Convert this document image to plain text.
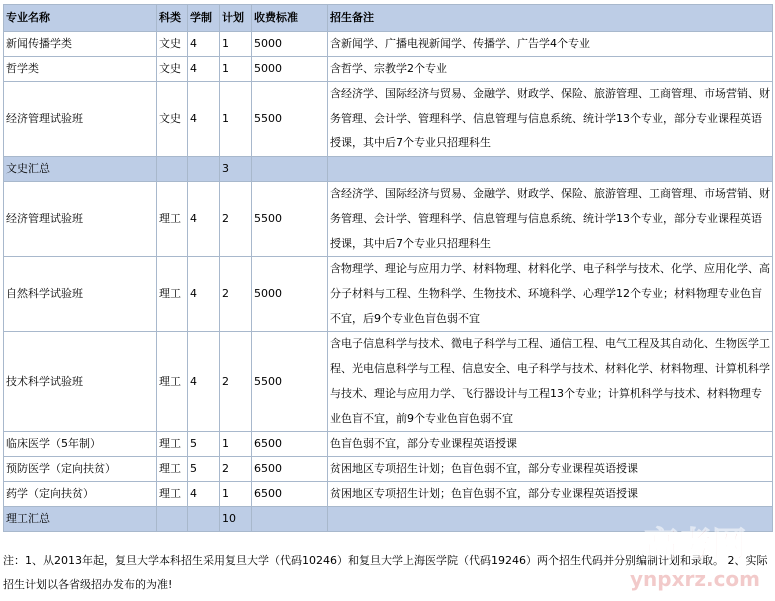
专业名称	科类	学制	计划	收费标准	招生备注
新闻传播学类	文史	4	1	5000	含新闻学、广播电视新闻学、传播学、广告学4个专业
哲学类	文史	4	1	5000	含哲学、宗教学2个专业
经济管理试验班	文史	4	1	5500	含经济学、国际经济与贸易、金融学、财政学、保险、旅游管理、工商管理、市场营销、财务管理、会计学、管理科学、信息管理与信息系统、统计学13个专业，部分专业课程英语授课，其中后7个专业只招理科生
文史汇总			3		
经济管理试验班	理工	4	2	5500	含经济学、国际经济与贸易、金融学、财政学、保险、旅游管理、工商管理、市场营销、财务管理、会计学、管理科学、信息管理与信息系统、统计学13个专业，部分专业课程英语授课，其中后7个专业只招理科生
自然科学试验班	理工	4	2	5000	含物理学、理论与应用力学、材料物理、材料化学、电子科学与技术、化学、应用化学、高分子材料与工程、生物科学、生物技术、环境科学、心理学12个专业；材料物理专业色盲不宜，后9个专业色盲色弱不宜
技术科学试验班	理工	4	2	5500	含电子信息科学与技术、微电子科学与工程、通信工程、电气工程及其自动化、生物医学工程、光电信息科学与工程、信息安全、电子科学与技术、材料化学、材料物理、计算机科学与技术、理论与应用力学、飞行器设计与工程13个专业；计算机科学与技术、材料物理专业色盲不宜，前9个专业色盲色弱不宜
临床医学（5年制）	理工	5	1	6500	色盲色弱不宜，部分专业课程英语授课
预防医学（定向扶贫）	理工	5	2	6500	贫困地区专项招生计划；色盲色弱不宜，部分专业课程英语授课
药学（定向扶贫）	理工	4	1	6500	贫困地区专项招生计划；色盲色弱不宜，部分专业课程英语授课
理工汇总			10		
注：1、从2013年起，复旦大学本科招生采用复旦大学（代码10246）和复旦大学上海医学院（代码19246）两个招生代码并分别编制计划和录取。 2、实际招生计划以各省级招办发布的为准!
高考网
ynpxrz.com
